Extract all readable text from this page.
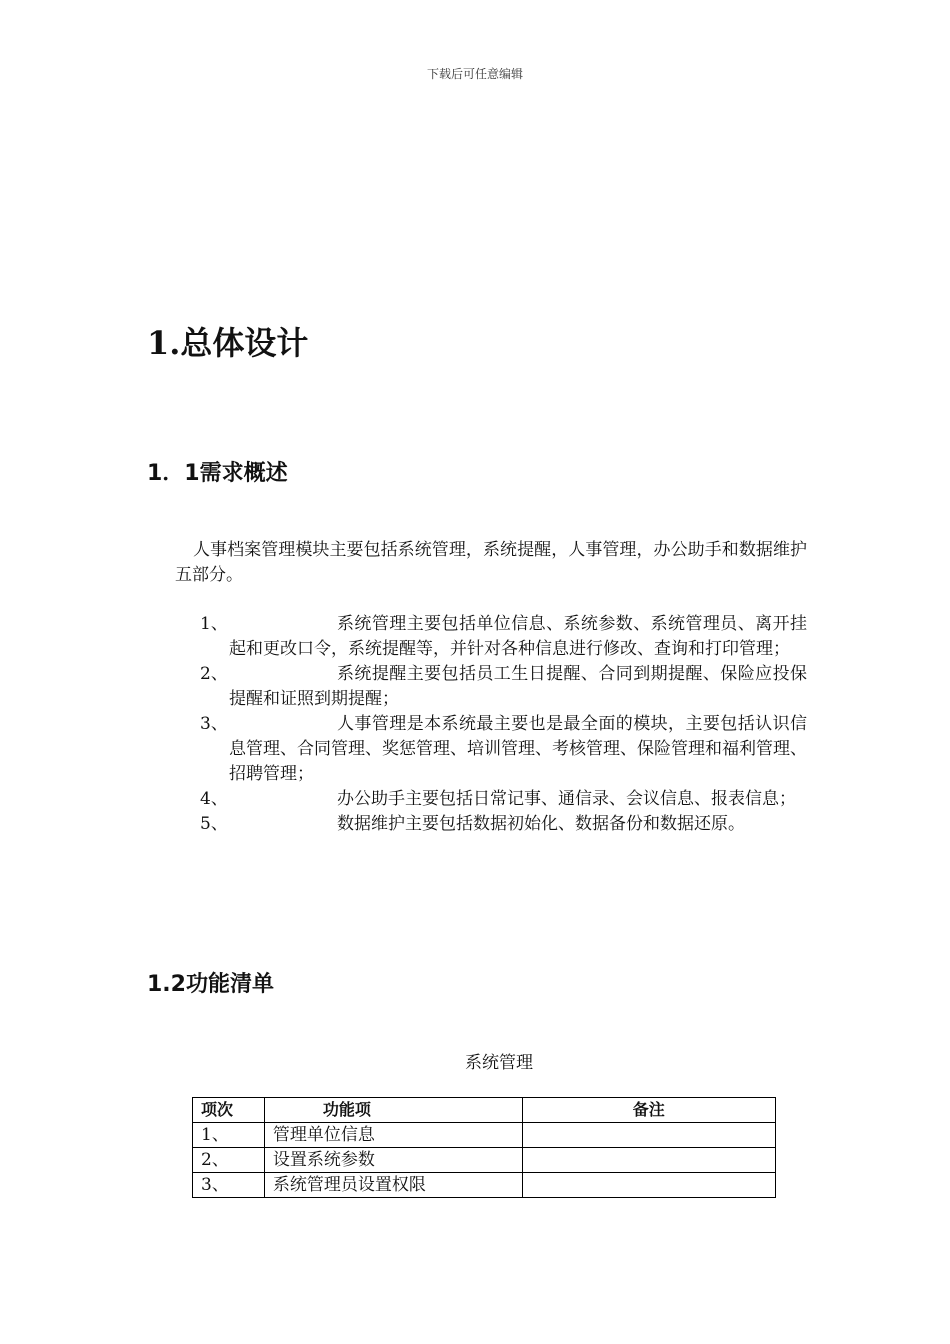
下载后可任意编辑
1.总体设计
1．1需求概述
人事档案管理模块主要包括系统管理，系统提醒，人事管理，办公助手和数据维护五部分。
1、	系统管理主要包括单位信息、系统参数、系统管理员、离开挂起和更改口令，系统提醒等，并针对各种信息进行修改、查询和打印管理；
2、	系统提醒主要包括员工生日提醒、合同到期提醒、保险应投保提醒和证照到期提醒；
3、	人事管理是本系统最主要也是最全面的模块，主要包括认识信息管理、合同管理、奖惩管理、培训管理、考核管理、保险管理和福利管理、招聘管理；
4、	办公助手主要包括日常记事、通信录、会议信息、报表信息；
5、	数据维护主要包括数据初始化、数据备份和数据还原。
1.2功能清单
系统管理
项次	功能项	备注
1、	管理单位信息	
2、	设置系统参数	
3、	系统管理员设置权限	
